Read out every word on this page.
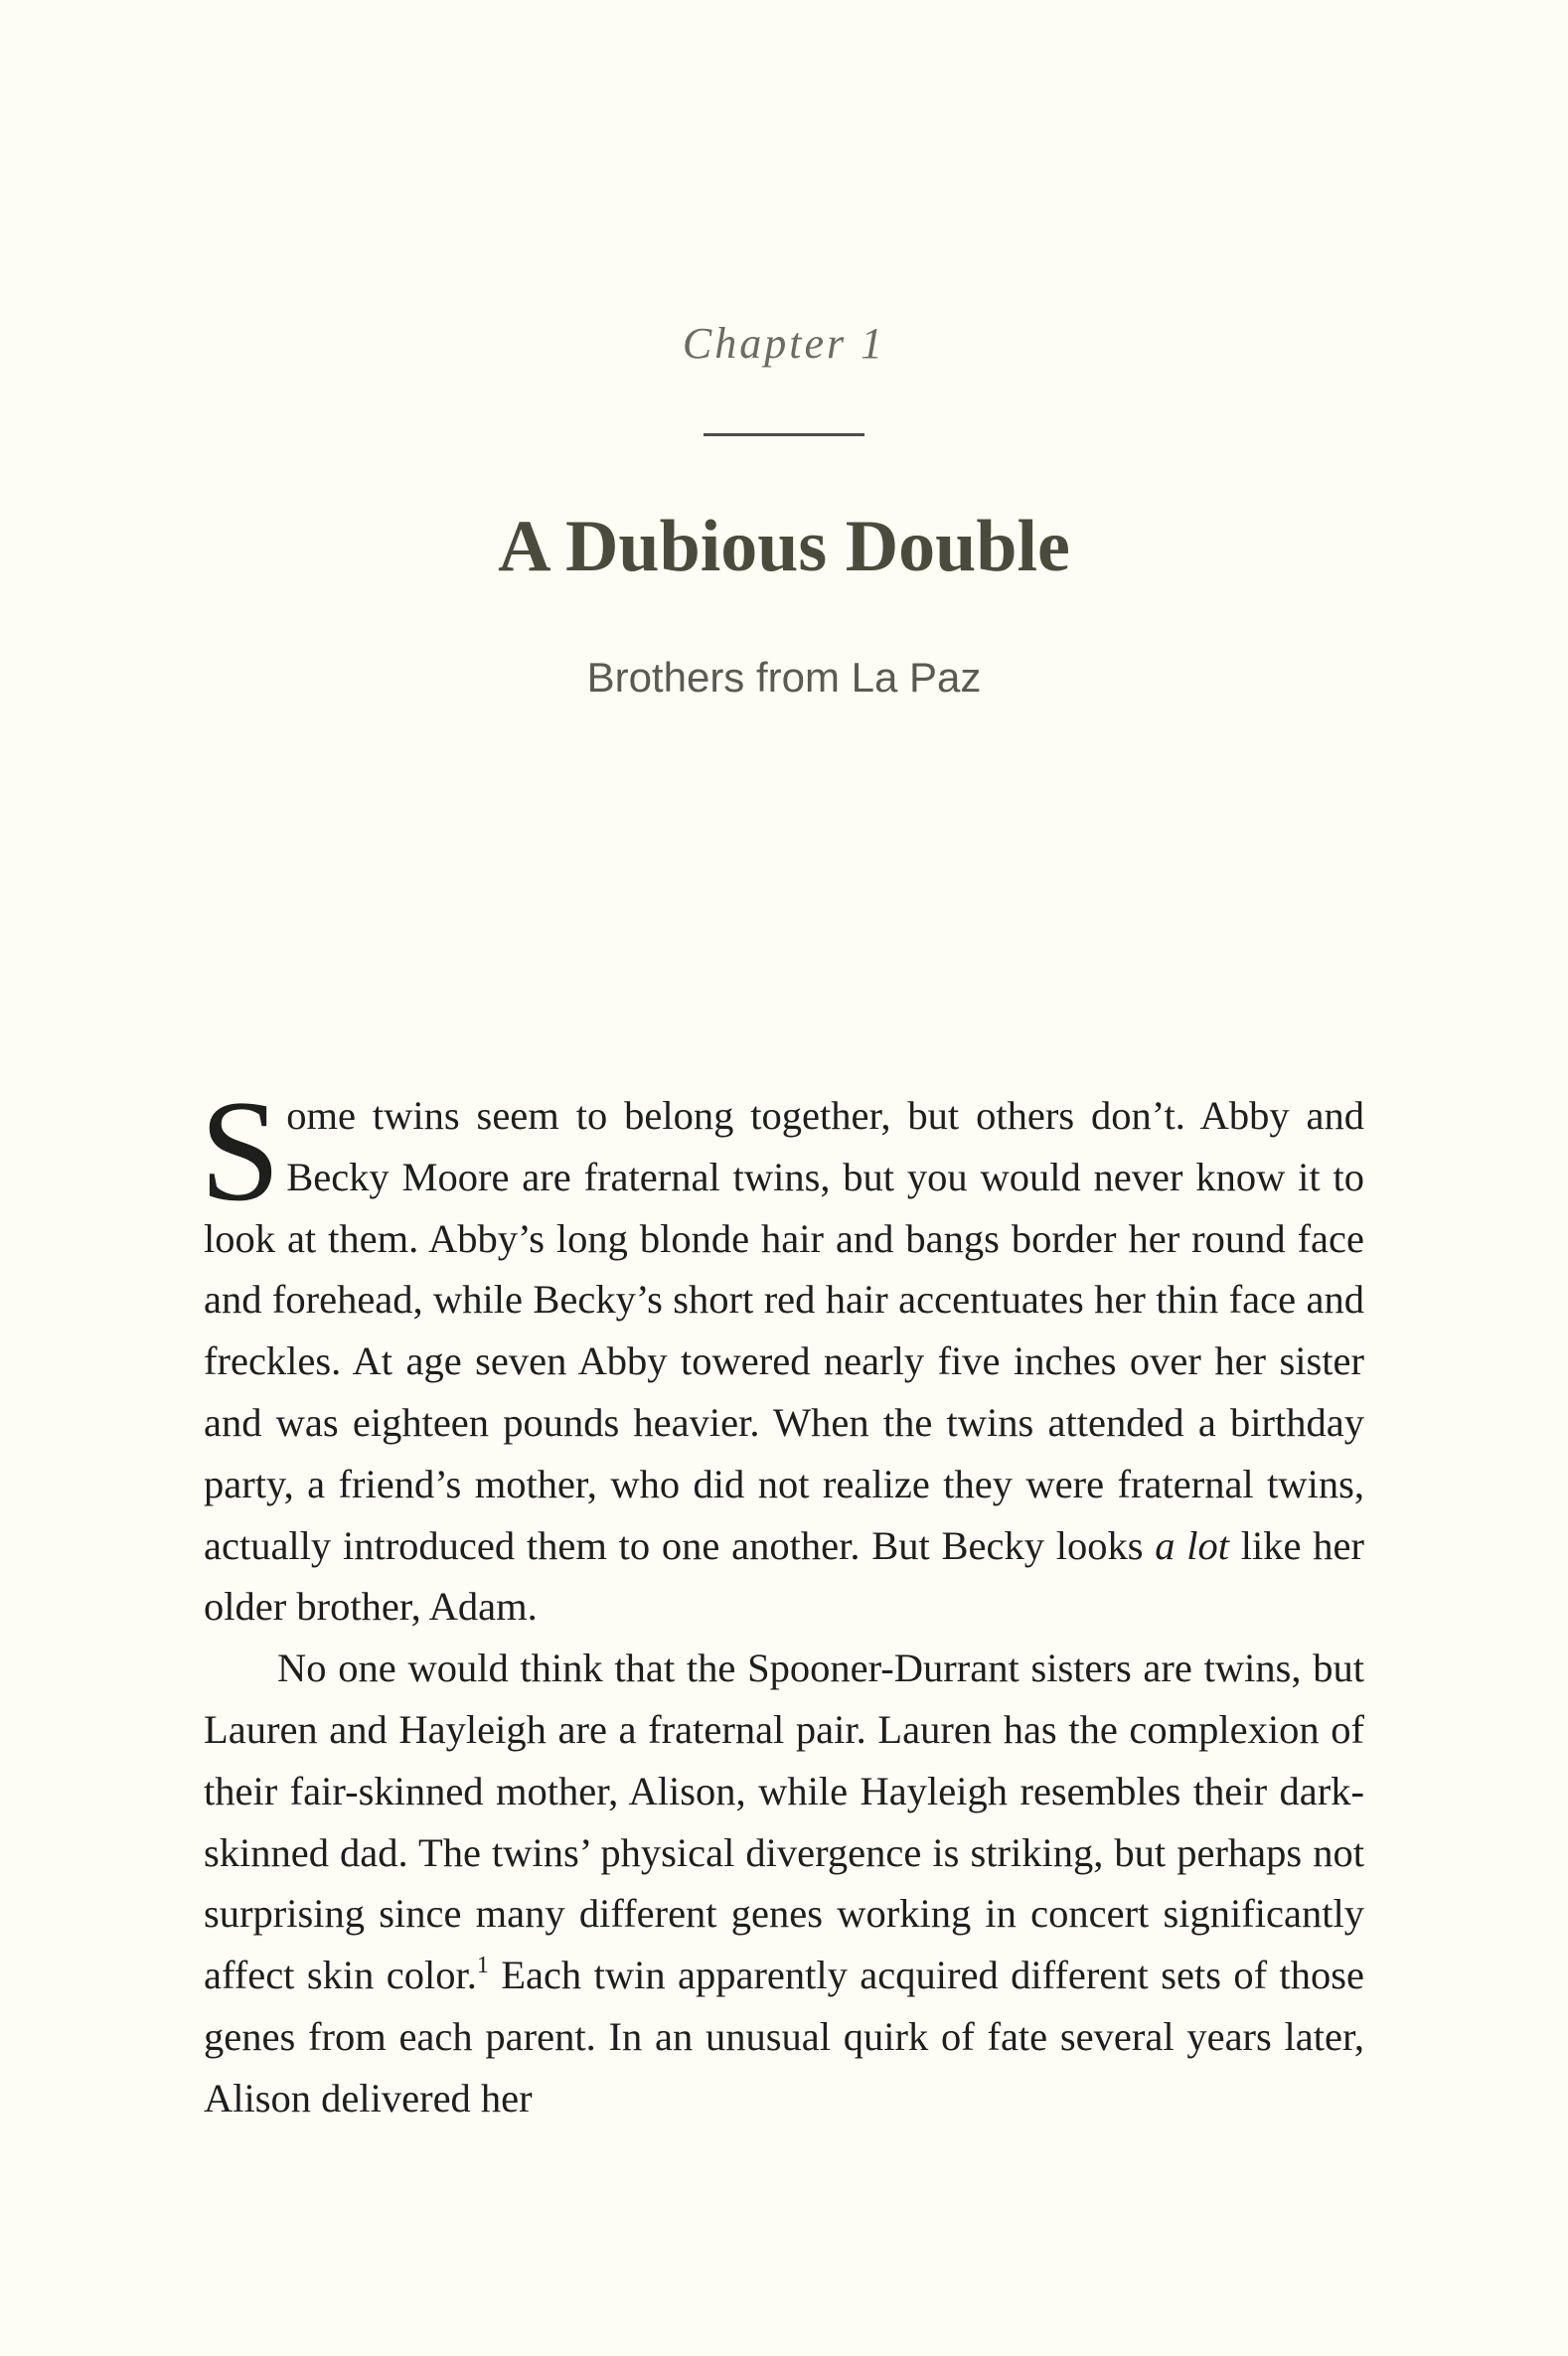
Chapter 1
A Dubious Double
Brothers from La Paz

Some twins seem to belong together, but others don’t. Abby and Becky Moore are fraternal twins, but you would never know it to look at them. Abby’s long blonde hair and bangs border her round face and forehead, while Becky’s short red hair accentuates her thin face and freckles. At age seven Abby towered nearly five inches over her sister and was eighteen pounds heavier. When the twins attended a birthday party, a friend’s mother, who did not realize they were fraternal twins, actually introduced them to one another. But Becky looks a lot like her older brother, Adam.

No one would think that the Spooner-Durrant sisters are twins, but Lauren and Hayleigh are a fraternal pair. Lauren has the complexion of their fair-skinned mother, Alison, while Hayleigh resembles their dark-skinned dad. The twins’ physical divergence is striking, but perhaps not surprising since many different genes working in concert significantly affect skin color.$^1$ Each twin apparently acquired different sets of those genes from each parent. In an unusual quirk of fate several years later, Alison delivered her
